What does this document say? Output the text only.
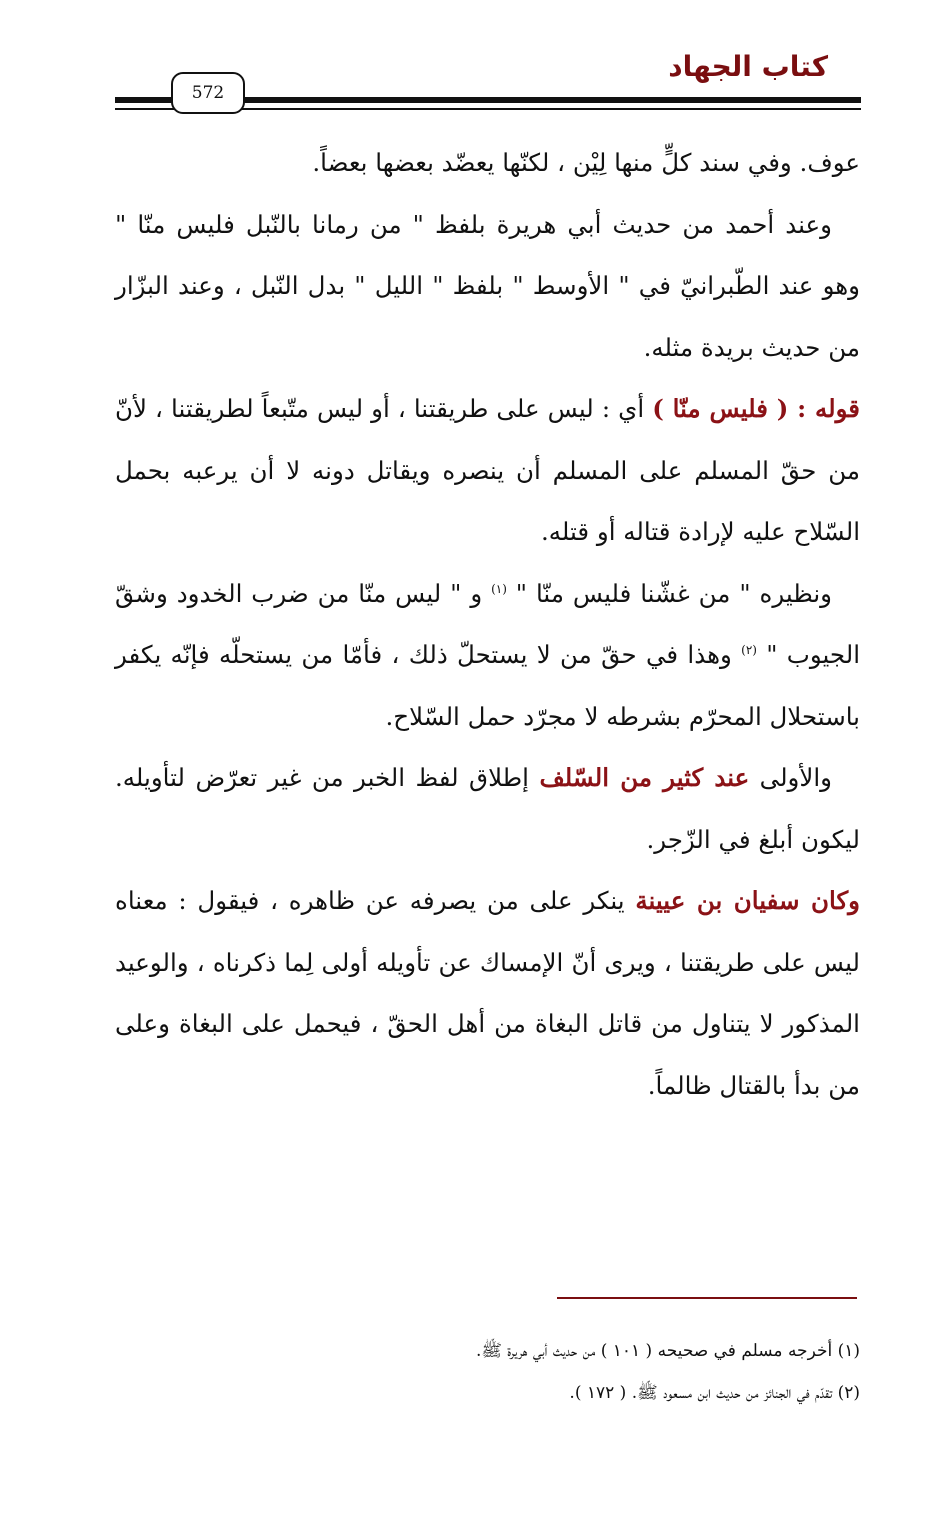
كتاب الجهاد
572

عوف. وفي سند كلٍّ منها لِيْن ، لكنّها يعضّد بعضها بعضاً.

وعند أحمد من حديث أبي هريرة بلفظ " من رمانا بالنّبل فليس منّا " وهو عند الطّبرانيّ في " الأوسط " بلفظ " الليل " بدل النّبل ، وعند البزّار من حديث بريدة مثله.

قوله : ( فليس منّا ) أي : ليس على طريقتنا ، أو ليس متّبعاً لطريقتنا ، لأنّ من حقّ المسلم على المسلم أن ينصره ويقاتل دونه لا أن يرعبه بحمل السّلاح عليه لإرادة قتاله أو قتله.

ونظيره " من غشّنا فليس منّا " $^{(١)}$ و " ليس منّا من ضرب الخدود وشقّ الجيوب " $^{(٢)}$ وهذا في حقّ من لا يستحلّ ذلك ، فأمّا من يستحلّه فإنّه يكفر باستحلال المحرّم بشرطه لا مجرّد حمل السّلاح.

والأولى عند كثير من السّلف إطلاق لفظ الخبر من غير تعرّض لتأويله. ليكون أبلغ في الزّجر.

وكان سفيان بن عيينة ينكر على من يصرفه عن ظاهره ، فيقول : معناه ليس على طريقتنا ، ويرى أنّ الإمساك عن تأويله أولى لِما ذكرناه ، والوعيد المذكور لا يتناول من قاتل البغاة من أهل الحقّ ، فيحمل على البغاة وعلى من بدأ بالقتال ظالماً.

(١) أخرجه مسلم في صحيحه ( ١٠١ ) من حديث أبي هريرة ﷺ.

(٢) تقدّم في الجنائز من حديث ابن مسعود ﷺ. ( ١٧٢ ).
